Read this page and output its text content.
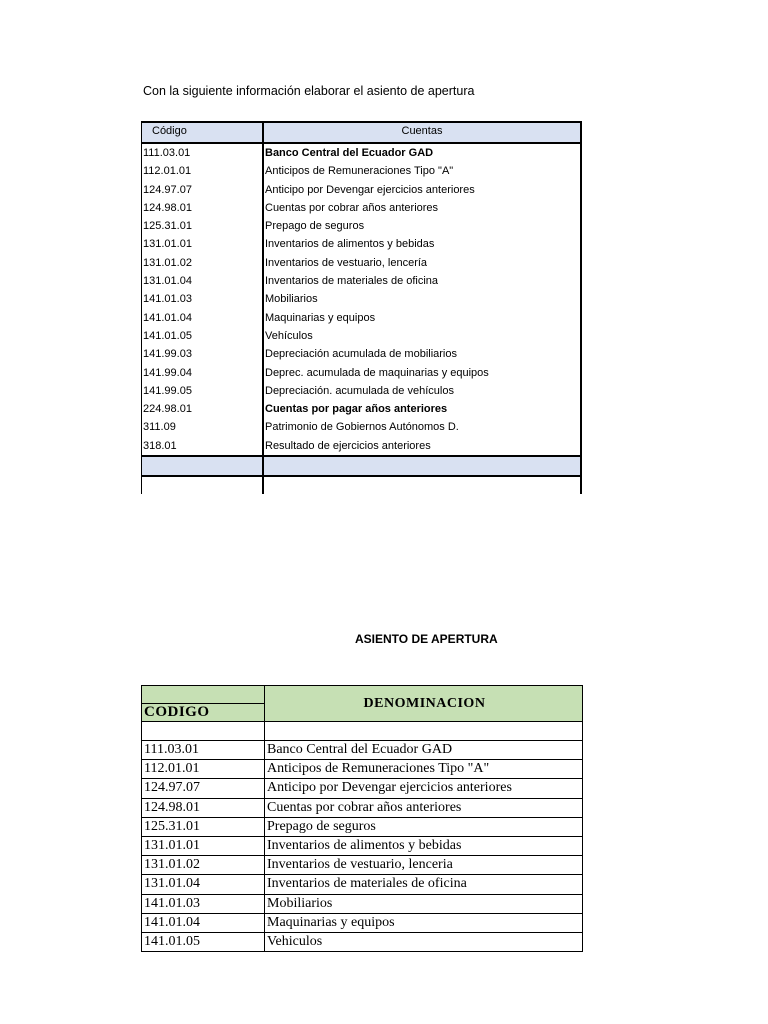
Con la siguiente información elaborar el asiento de apertura
Código	Cuentas
111.03.01	Banco Central del Ecuador GAD
112.01.01	Anticipos de Remuneraciones Tipo "A"
124.97.07	Anticipo por Devengar ejercicios anteriores
124.98.01	Cuentas por cobrar años anteriores
125.31.01	Prepago de seguros
131.01.01	Inventarios de alimentos y bebidas
131.01.02	Inventarios de vestuario, lencería
131.01.04	Inventarios de materiales de oficina
141.01.03	Mobiliarios
141.01.04	Maquinarias y equipos
141.01.05	Vehículos
141.99.03	Depreciación acumulada de mobiliarios
141.99.04	Deprec. acumulada de maquinarias y equipos
141.99.05	Depreciación. acumulada de vehículos
224.98.01	Cuentas por pagar años anteriores
311.09	Patrimonio de Gobiernos Autónomos D.
318.01	Resultado de ejercicios anteriores
ASIENTO DE APERTURA
	DENOMINACION
CODIGO	

111.03.01	Banco Central del Ecuador GAD
112.01.01	Anticipos de Remuneraciones Tipo "A"
124.97.07	Anticipo por Devengar ejercicios anteriores
124.98.01	Cuentas por cobrar años anteriores
125.31.01	Prepago de seguros
131.01.01	Inventarios de alimentos y bebidas
131.01.02	Inventarios de vestuario, lenceria
131.01.04	Inventarios de materiales de oficina
141.01.03	Mobiliarios
141.01.04	Maquinarias y equipos
141.01.05	Vehiculos
